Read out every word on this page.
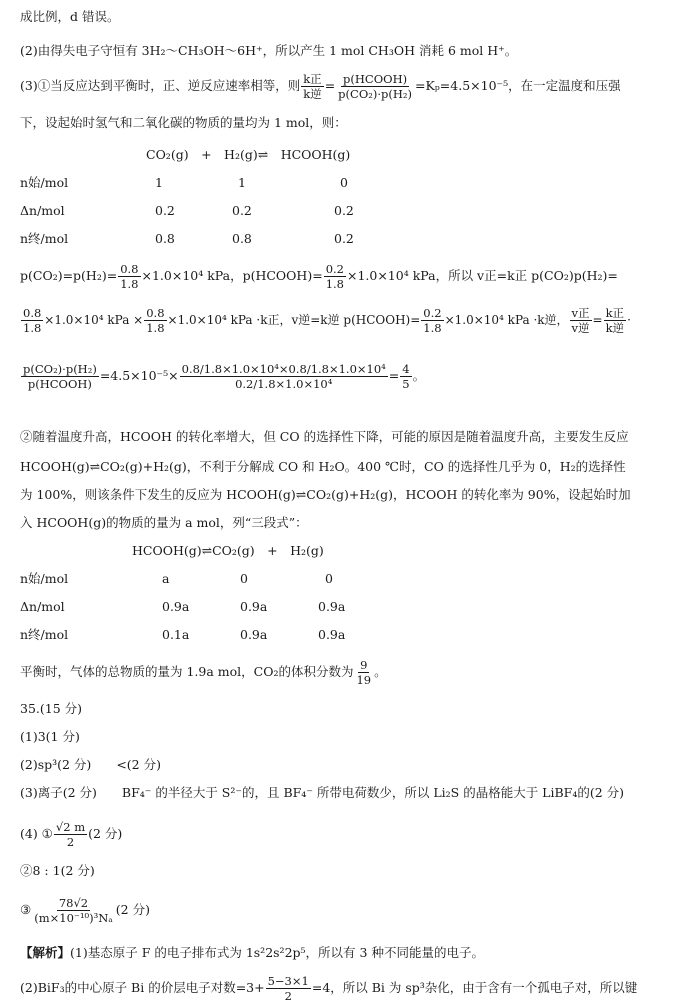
成比例，d 错误。
(2)由得失电子守恒有 3H₂～CH₃OH～6H⁺，所以产生 1 mol CH₃OH 消耗 6 mol H⁺。
(3)①当反应达到平衡时，正、逆反应速率相等，则 $\frac{\text{k正}}{\text{k逆}} = \frac{\text{p(HCOOH)}}{\text{p(CO₂)·p(H₂)}} =K_p=4.5\times 10^{-5}$，在一定温度和压强
下，设起始时氢气和二氧化碳的物质的量均为 1 mol，则：
CO₂(g)　+　H₂(g)⇌　HCOOH(g)
n始/mol	1	1	0
Δn/mol	0.2	0.2	0.2
n终/mol	0.8	0.8	0.2
$p(CO_2)=p(H_2)= \frac{0.8}{1.8} \times 1.0\times 10^4$ kPa，p(HCOOH)= $\frac{0.2}{1.8} \times 1.0\times 10^4$ kPa，所以 v正=k正 p(CO₂)p(H₂)=
$\frac{0.8}{1.8} \times 1.0\times 10^4$ kPa × $\frac{0.8}{1.8} \times 1.0\times 10^4$ kPa ·k正，v逆=k逆 p(HCOOH)= $\frac{0.2}{1.8} \times 1.0\times 10^4$ kPa ·k逆， $\frac{\text{v正}}{\text{v逆}} = \frac{\text{k正}}{\text{k逆}}$ ·
$\frac{\text{p(CO₂)·p(H₂)}}{\text{p(HCOOH)}} =4.5\times 10^{-5}\times \frac{\text{0.8/1.8×1.0×10⁴×0.8/1.8×1.0×10⁴}}{\text{0.2/1.8×1.0×10⁴}} = \frac{4}{5}$ 。
②随着温度升高，HCOOH 的转化率增大，但 CO 的选择性下降，可能的原因是随着温度升高，主要发生反应
HCOOH(g)⇌CO₂(g)+H₂(g)，不利于分解成 CO 和 H₂O。400 ℃时，CO 的选择性几乎为 0，H₂的选择性
为 100%，则该条件下发生的反应为 HCOOH(g)⇌CO₂(g)+H₂(g)，HCOOH 的转化率为 90%，设起始时加
入 HCOOH(g)的物质的量为 a mol，列“三段式”：
HCOOH(g)⇌CO₂(g)　+　H₂(g)
n始/mol	a	0	0
Δn/mol	0.9a	0.9a	0.9a
n终/mol	0.1a	0.9a	0.9a
平衡时，气体的总物质的量为 1.9a mol，CO₂的体积分数为 $\frac{9}{19}$ 。
35.(15 分)
(1)3(1 分)
(2)sp³(2 分)　　<(2 分)
(3)离子(2 分)　　BF₄⁻ 的半径大于 S²⁻的，且 BF₄⁻ 所带电荷数少，所以 Li₂S 的晶格能大于 LiBF₄的(2 分)
(4) ① $\frac{√2 m}{2} (2$ 分)
②8 : 1(2 分)
③ $\frac{78√2}{\text{(m×10⁻¹⁰)³Nₐ}} (2$ 分)
【解析】(1)基态原子 F 的电子排布式为 1s²2s²2p⁵，所以有 3 种不同能量的电子。
(2)BiF₃的中心原子 Bi 的价层电子对数$=3+ \frac{5-3\times 1}{2} =4$，所以 Bi 为 sp³杂化，由于含有一个孤电子对，所以键
